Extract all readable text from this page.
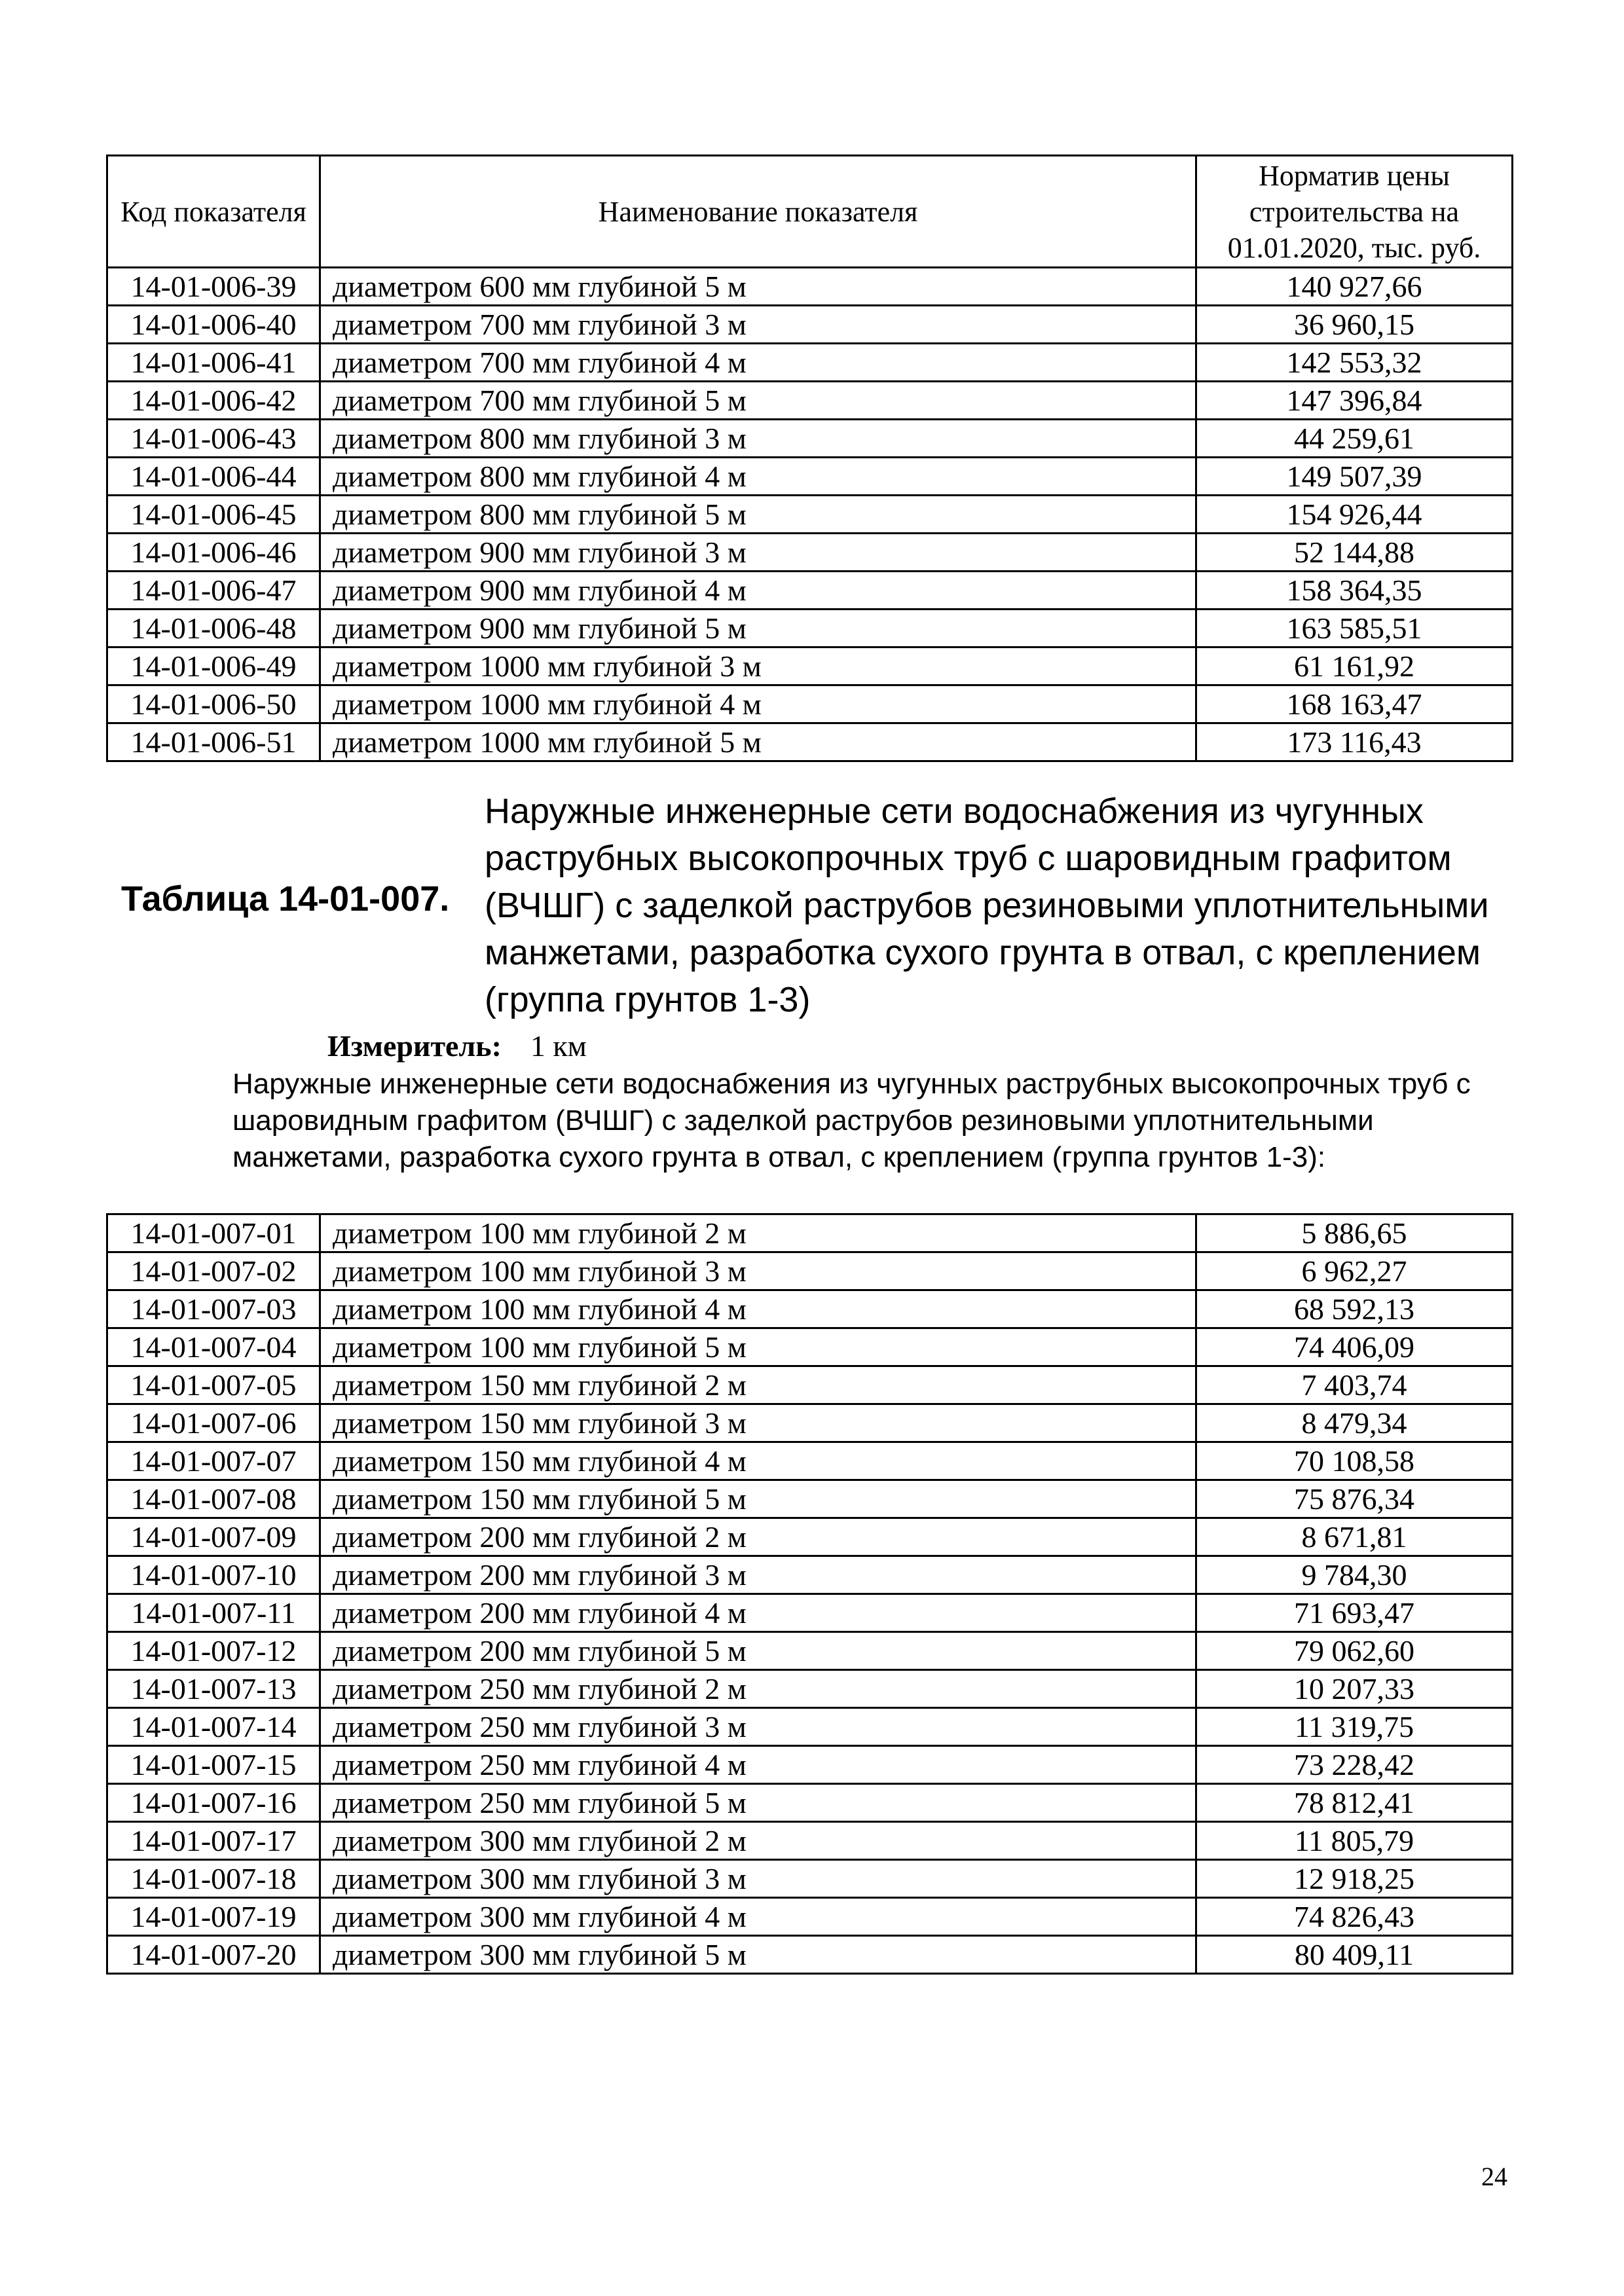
Код показателя	Наименование показателя	Норматив цены строительства на 01.01.2020, тыс. руб.
14-01-006-39	диаметром 600 мм глубиной 5 м	140 927,66
14-01-006-40	диаметром 700 мм глубиной 3 м	36 960,15
14-01-006-41	диаметром 700 мм глубиной 4 м	142 553,32
14-01-006-42	диаметром 700 мм глубиной 5 м	147 396,84
14-01-006-43	диаметром 800 мм глубиной 3 м	44 259,61
14-01-006-44	диаметром 800 мм глубиной 4 м	149 507,39
14-01-006-45	диаметром 800 мм глубиной 5 м	154 926,44
14-01-006-46	диаметром 900 мм глубиной 3 м	52 144,88
14-01-006-47	диаметром 900 мм глубиной 4 м	158 364,35
14-01-006-48	диаметром 900 мм глубиной 5 м	163 585,51
14-01-006-49	диаметром 1000 мм глубиной 3 м	61 161,92
14-01-006-50	диаметром 1000 мм глубиной 4 м	168 163,47
14-01-006-51	диаметром 1000 мм глубиной 5 м	173 116,43
Таблица 14-01-007.
Наружные инженерные сети водоснабжения из чугунных раструбных высокопрочных труб с шаровидным графитом (ВЧШГ) с заделкой раструбов резиновыми уплотнительными манжетами, разработка сухого грунта в отвал, с креплением (группа грунтов 1-3)
Измеритель: 1 км
Наружные инженерные сети водоснабжения из чугунных раструбных высокопрочных труб с шаровидным графитом (ВЧШГ) с заделкой раструбов резиновыми уплотнительными манжетами, разработка сухого грунта в отвал, с креплением (группа грунтов 1-3):
14-01-007-01	диаметром 100 мм глубиной 2 м	5 886,65
14-01-007-02	диаметром 100 мм глубиной 3 м	6 962,27
14-01-007-03	диаметром 100 мм глубиной 4 м	68 592,13
14-01-007-04	диаметром 100 мм глубиной 5 м	74 406,09
14-01-007-05	диаметром 150 мм глубиной 2 м	7 403,74
14-01-007-06	диаметром 150 мм глубиной 3 м	8 479,34
14-01-007-07	диаметром 150 мм глубиной 4 м	70 108,58
14-01-007-08	диаметром 150 мм глубиной 5 м	75 876,34
14-01-007-09	диаметром 200 мм глубиной 2 м	8 671,81
14-01-007-10	диаметром 200 мм глубиной 3 м	9 784,30
14-01-007-11	диаметром 200 мм глубиной 4 м	71 693,47
14-01-007-12	диаметром 200 мм глубиной 5 м	79 062,60
14-01-007-13	диаметром 250 мм глубиной 2 м	10 207,33
14-01-007-14	диаметром 250 мм глубиной 3 м	11 319,75
14-01-007-15	диаметром 250 мм глубиной 4 м	73 228,42
14-01-007-16	диаметром 250 мм глубиной 5 м	78 812,41
14-01-007-17	диаметром 300 мм глубиной 2 м	11 805,79
14-01-007-18	диаметром 300 мм глубиной 3 м	12 918,25
14-01-007-19	диаметром 300 мм глубиной 4 м	74 826,43
14-01-007-20	диаметром 300 мм глубиной 5 м	80 409,11
24
